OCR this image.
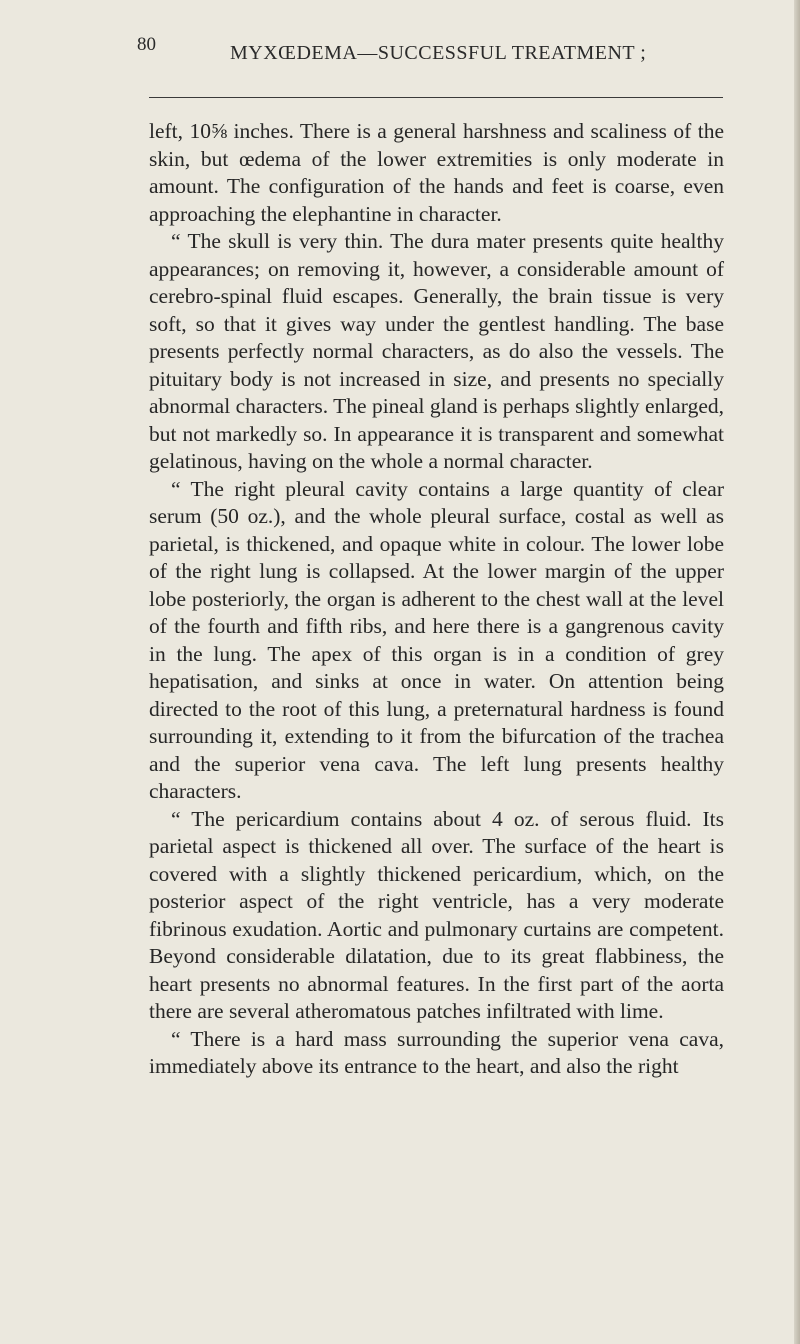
80	MYXŒDEMA—SUCCESSFUL TREATMENT ;

left, 10⅝ inches. There is a general harshness and scaliness of the skin, but œdema of the lower extremities is only moderate in amount. The configuration of the hands and feet is coarse, even approaching the elephantine in character.

“ The skull is very thin. The dura mater presents quite healthy appearances; on removing it, however, a considerable amount of cerebro-spinal fluid escapes. Generally, the brain tissue is very soft, so that it gives way under the gentlest handling. The base presents perfectly normal characters, as do also the vessels. The pituitary body is not increased in size, and presents no specially abnormal characters. The pineal gland is perhaps slightly enlarged, but not markedly so. In appearance it is transparent and somewhat gelatinous, having on the whole a normal character.

“ The right pleural cavity contains a large quantity of clear serum (50 oz.), and the whole pleural surface, costal as well as parietal, is thickened, and opaque white in colour. The lower lobe of the right lung is collapsed. At the lower margin of the upper lobe posteriorly, the organ is adherent to the chest wall at the level of the fourth and fifth ribs, and here there is a gangrenous cavity in the lung. The apex of this organ is in a condition of grey hepatisation, and sinks at once in water. On attention being directed to the root of this lung, a preternatural hardness is found surrounding it, extending to it from the bifurcation of the trachea and the superior vena cava. The left lung presents healthy characters.

“ The pericardium contains about 4 oz. of serous fluid. Its parietal aspect is thickened all over. The surface of the heart is covered with a slightly thickened pericardium, which, on the posterior aspect of the right ventricle, has a very moderate fibrinous exudation. Aortic and pulmonary curtains are competent. Beyond considerable dilatation, due to its great flabbiness, the heart presents no abnormal features. In the first part of the aorta there are several atheromatous patches infiltrated with lime.

“ There is a hard mass surrounding the superior vena cava, immediately above its entrance to the heart, and also the right
